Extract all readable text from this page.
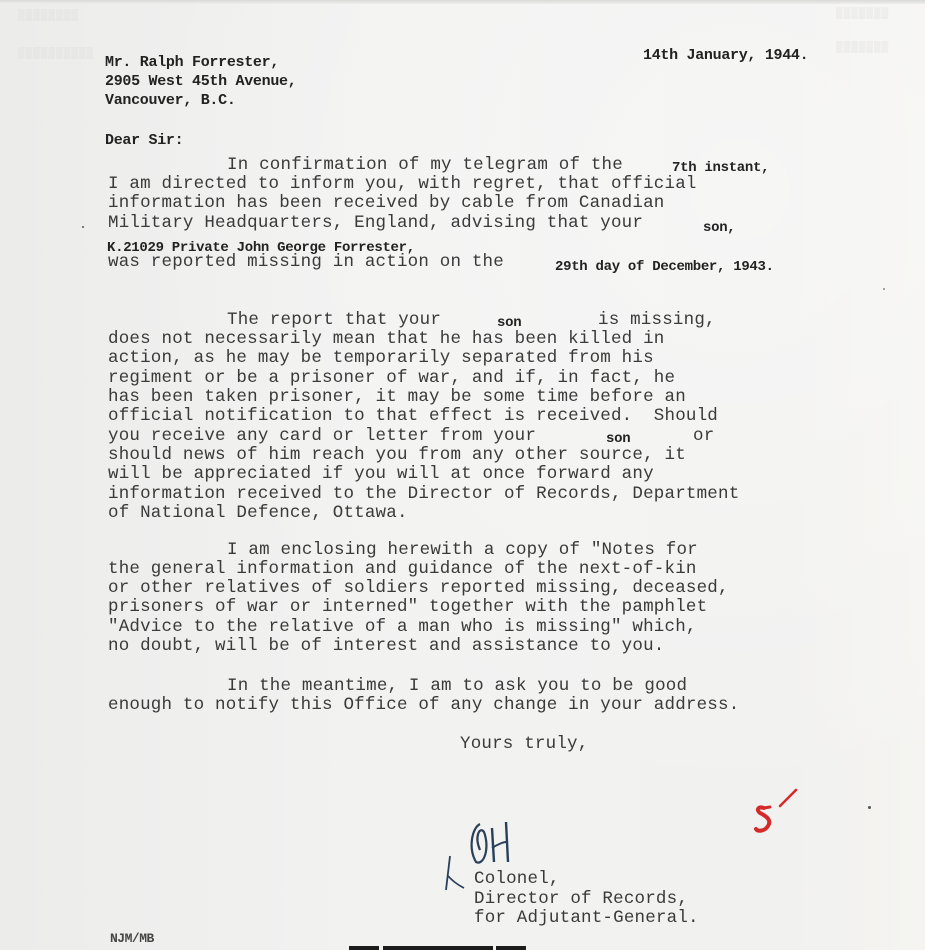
▒▒▒▒▒▒▒▒
▒▒▒▒▒▒▒▒▒▒
▒▒▒▒▒▒▒
▒▒▒▒▒▒▒
14th January, 1944.
Mr. Ralph Forrester,
2905 West 45th Avenue,
Vancouver, B.C.
Dear Sir:
In confirmation of my telegram of the	7th instant,
I am directed to inform you, with regret, that official
information has been received by cable from Canadian
Military Headquarters, England, advising that your	son,
K.21029 Private John George Forrester,
was reported missing in action on the	29th day of December, 1943.
The report that your	son	is missing,
does not necessarily mean that he has been killed in
action, as he may be temporarily separated from his
regiment or be a prisoner of war, and if, in fact, he
has been taken prisoner, it may be some time before an
official notification to that effect is received.  Should
you receive any card or letter from your	son	or
should news of him reach you from any other source, it
will be appreciated if you will at once forward any
information received to the Director of Records, Department
of National Defence, Ottawa.
I am enclosing herewith a copy of "Notes for
the general information and guidance of the next-of-kin
or other relatives of soldiers reported missing, deceased,
prisoners of war or interned" together with the pamphlet
"Advice to the relative of a man who is missing" which,
no doubt, will be of interest and assistance to you.
In the meantime, I am to ask you to be good
enough to notify this Office of any change in your address.
Yours truly,
Colonel,
Director of Records,
for Adjutant-General.
NJM/MB
